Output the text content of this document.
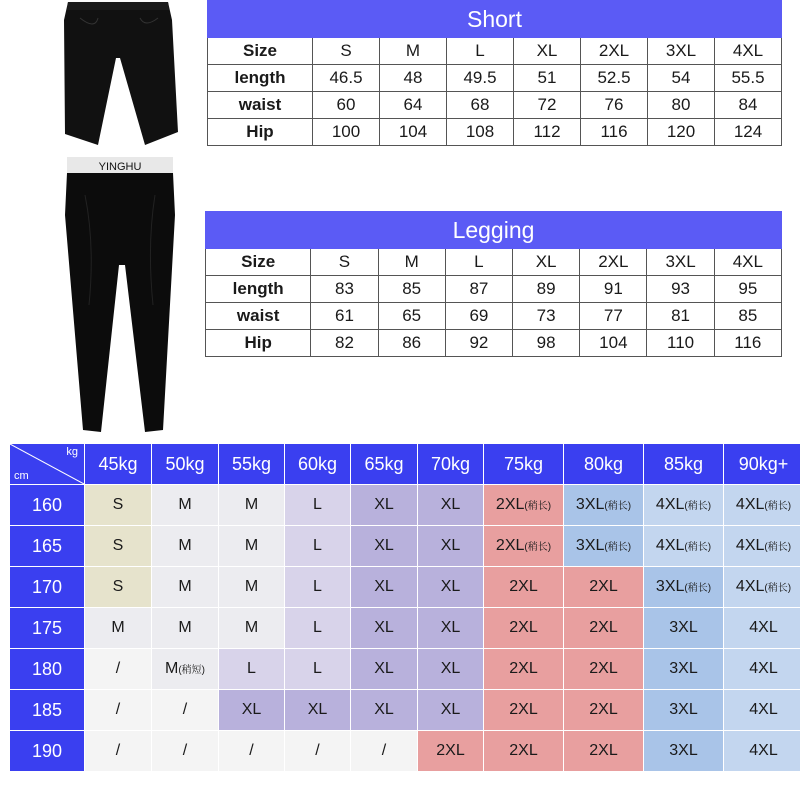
YINGHU
Short							
Size	S	M	L	XL	2XL	3XL	4XL
length	46.5	48	49.5	51	52.5	54	55.5
waist	60	64	68	72	76	80	84
Hip	100	104	108	112	116	120	124
Legging							
Size	S	M	L	XL	2XL	3XL	4XL
length	83	85	87	89	91	93	95
waist	61	65	69	73	77	81	85
Hip	82	86	92	98	104	110	116
kg
cm	45kg	50kg	55kg	60kg	65kg	70kg	75kg	80kg	85kg	90kg+
160	S	M	M	L	XL	XL	2XL(稍长)	3XL(稍长)	4XL(稍长)	4XL(稍长)
165	S	M	M	L	XL	XL	2XL(稍长)	3XL(稍长)	4XL(稍长)	4XL(稍长)
170	S	M	M	L	XL	XL	2XL	2XL	3XL(稍长)	4XL(稍长)
175	M	M	M	L	XL	XL	2XL	2XL	3XL	4XL
180	/	M(稍短)	L	L	XL	XL	2XL	2XL	3XL	4XL
185	/	/	XL	XL	XL	XL	2XL	2XL	3XL	4XL
190	/	/	/	/	/	2XL	2XL	2XL	3XL	4XL
